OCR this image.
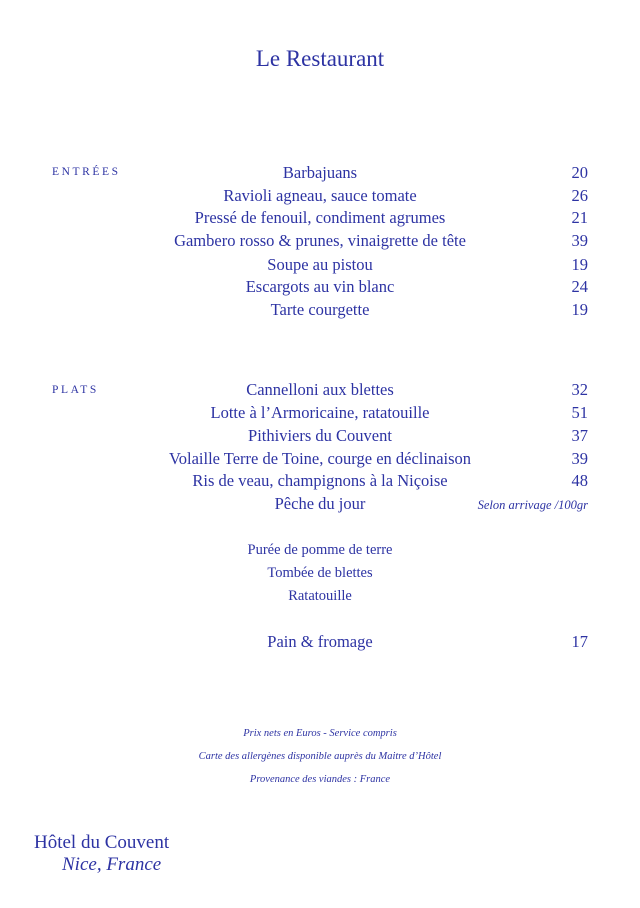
Le Restaurant
ENTRÉES	Barbajuans	20
Ravioli agneau, sauce tomate	26
Pressé de fenouil, condiment agrumes	21
Gambero rosso & prunes, vinaigrette de tête	39
Soupe au pistou	19
Escargots au vin blanc	24
Tarte courgette	19
PLATS	Cannelloni aux blettes	32
Lotte à l’Armoricaine, ratatouille	51
Pithiviers du Couvent	37
Volaille Terre de Toine, courge en déclinaison	39
Ris de veau, champignons à la Niçoise	48
Pêche du jour	Selon arrivage /100gr
Purée de pomme de terre
Tombée de blettes
Ratatouille
Pain & fromage	17
Prix nets en Euros - Service compris
Carte des allergènes disponible auprès du Maitre d’Hôtel
Provenance des viandes : France
Hôtel du Couvent
Nice, France
